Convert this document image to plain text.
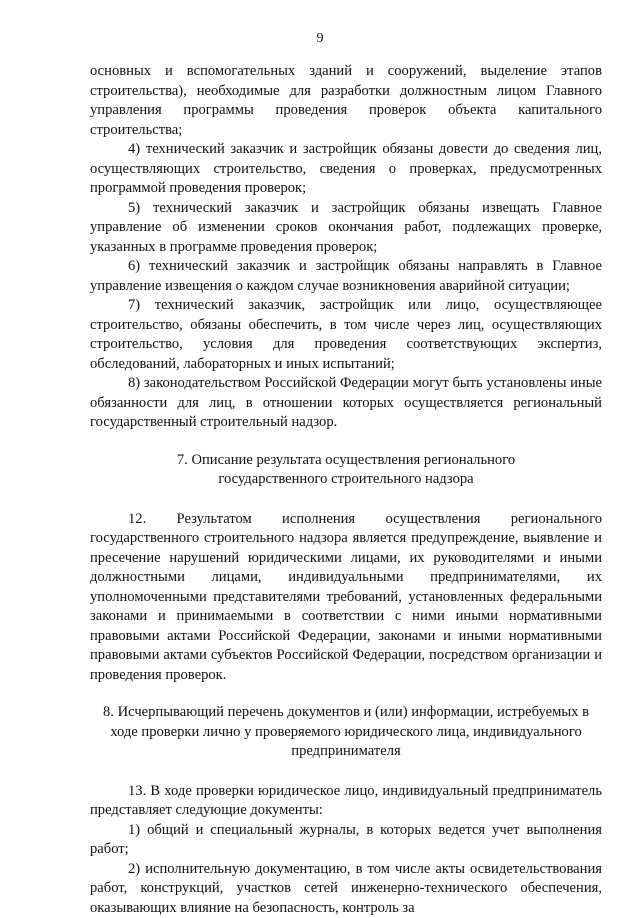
9

основных и вспомогательных зданий и сооружений, выделение этапов строительства), необходимые для разработки должностным лицом Главного управления программы проведения проверок объекта капитального строительства;

4) технический заказчик и застройщик обязаны довести до сведения лиц, осуществляющих строительство, сведения о проверках, предусмотренных программой проведения проверок;

5) технический заказчик и застройщик обязаны извещать Главное управление об изменении сроков окончания работ, подлежащих проверке, указанных в программе проведения проверок;

6) технический заказчик и застройщик обязаны направлять в Главное управление извещения о каждом случае возникновения аварийной ситуации;

7) технический заказчик, застройщик или лицо, осуществляющее строительство, обязаны обеспечить, в том числе через лиц, осуществляющих строительство, условия для проведения соответствующих экспертиз, обследований, лабораторных и иных испытаний;

8) законодательством Российской Федерации могут быть установлены иные обязанности для лиц, в отношении которых осуществляется региональный государственный строительный надзор.

7. Описание результата осуществления регионального
государственного строительного надзора

12. Результатом исполнения осуществления регионального государственного строительного надзора является предупреждение, выявление и пресечение нарушений юридическими лицами, их руководителями и иными должностными лицами, индивидуальными предпринимателями, их уполномоченными представителями требований, установленных федеральными законами и принимаемыми в соответствии с ними иными нормативными правовыми актами Российской Федерации, законами и иными нормативными правовыми актами субъектов Российской Федерации, посредством организации и проведения проверок.

8. Исчерпывающий перечень документов и (или) информации, истребуемых в
ходе проверки лично у проверяемого юридического лица, индивидуального
предпринимателя

13. В ходе проверки юридическое лицо, индивидуальный предприниматель представляет следующие документы:

1) общий и специальный журналы, в которых ведется учет выполнения работ;

2) исполнительную документацию, в том числе акты освидетельствования работ, конструкций, участков сетей инженерно-технического обеспечения, оказывающих влияние на безопасность, контроль за
